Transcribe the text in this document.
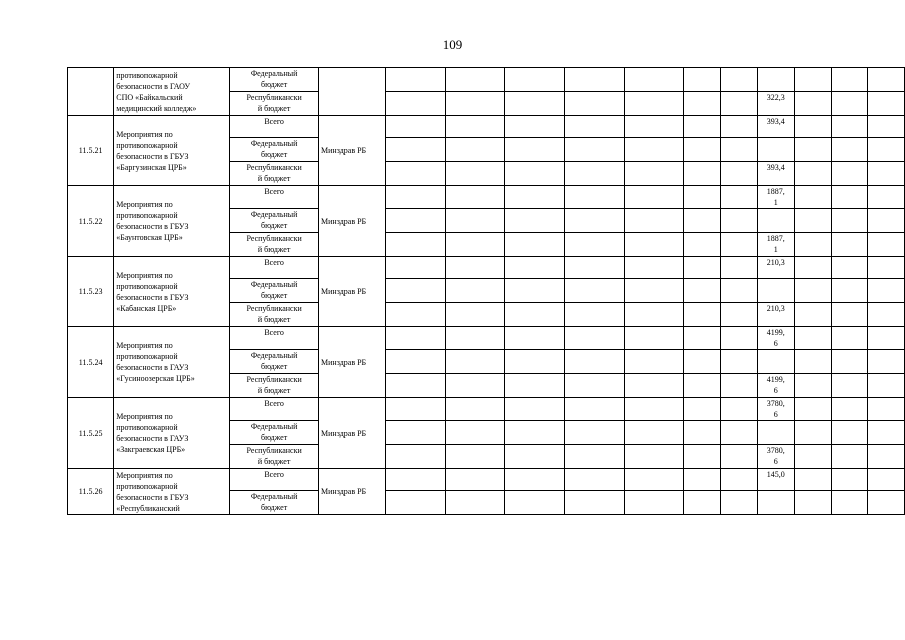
109
	противопожарной
безопасности в ГАОУ
СПО «Байкальский
медицинский колледж»	Федеральный
бюджет												
		Республикански
й бюджет									322,3			
11.5.21	Мероприятия по
противопожарной
безопасности в ГБУЗ
«Баргузинская ЦРБ»	Всего	Минздрав РБ								393,4			
		Федеральный
бюджет												
		Республикански
й бюджет									393,4			
11.5.22	Мероприятия по
противопожарной
безопасности в ГБУЗ
«Баунтовская ЦРБ»	Всего	Минздрав РБ								1887,
1			
		Федеральный
бюджет												
		Республикански
й бюджет									1887,
1			
11.5.23	Мероприятия по
противопожарной
безопасности в ГБУЗ
«Кабанская ЦРБ»	Всего	Минздрав РБ								210,3			
		Федеральный
бюджет												
		Республикански
й бюджет									210,3			
11.5.24	Мероприятия по
противопожарной
безопасности в ГАУЗ
«Гусиноозерская ЦРБ»	Всего	Минздрав РБ								4199,
6			
		Федеральный
бюджет												
		Республикански
й бюджет									4199,
6			
11.5.25	Мероприятия по
противопожарной
безопасности в ГАУЗ
«Закграевская ЦРБ»	Всего	Минздрав РБ								3780,
6			
		Федеральный
бюджет												
		Республикански
й бюджет									3780,
6			
11.5.26	Мероприятия по
противопожарной
безопасности в ГБУЗ
«Республиканский	Всего	Минздрав РБ								145,0			
		Федеральный
бюджет												
